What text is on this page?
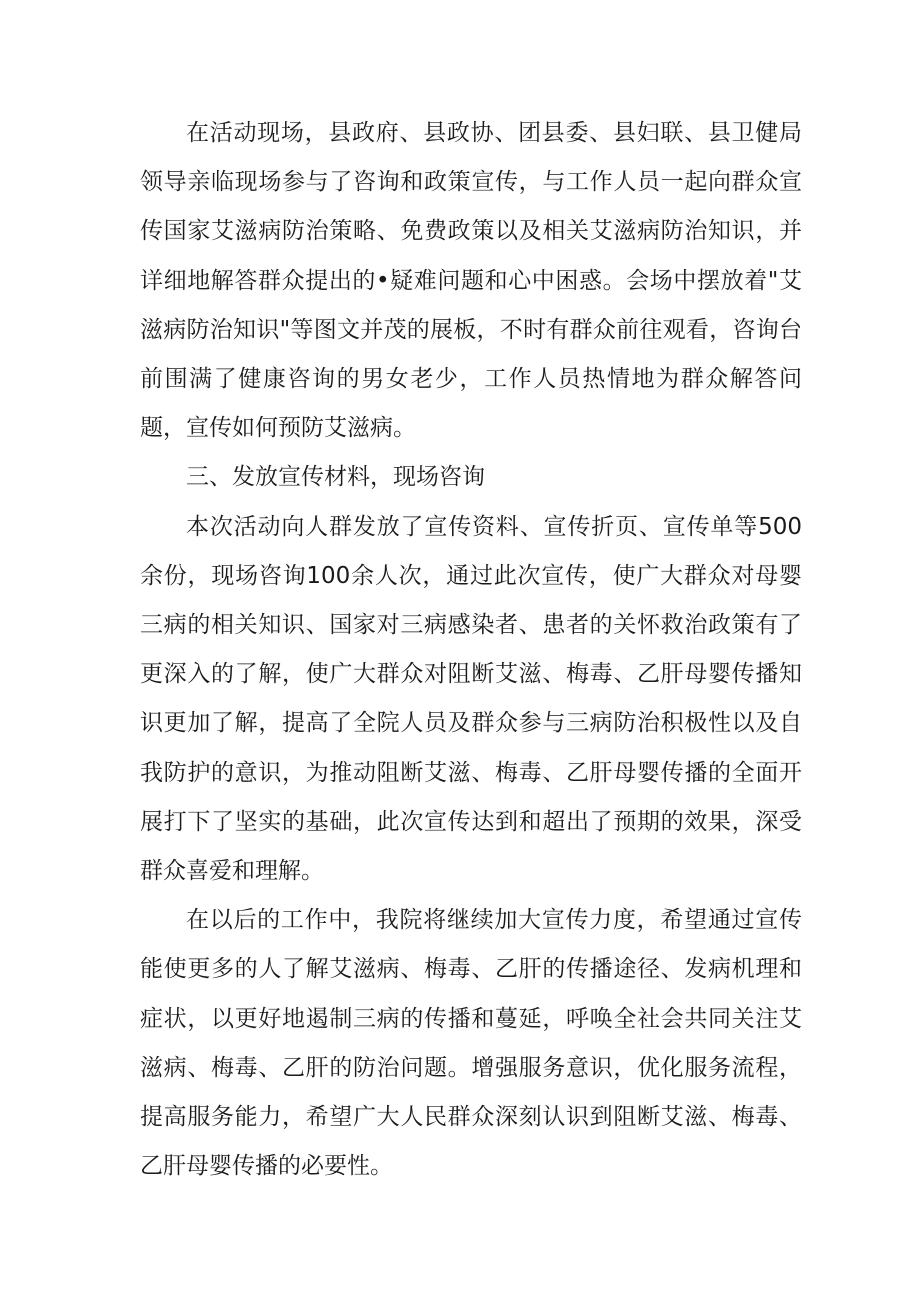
在活动现场，县政府、县政协、团县委、县妇联、县卫健局领导亲临现场参与了咨询和政策宣传，与工作人员一起向群众宣传国家艾滋病防治策略、免费政策以及相关艾滋病防治知识，并详细地解答群众提出的•疑难问题和心中困惑。会场中摆放着"艾滋病防治知识"等图文并茂的展板，不时有群众前往观看，咨询台前围满了健康咨询的男女老少，工作人员热情地为群众解答问题，宣传如何预防艾滋病。

三、发放宣传材料，现场咨询

本次活动向人群发放了宣传资料、宣传折页、宣传单等500余份，现场咨询100余人次，通过此次宣传，使广大群众对母婴三病的相关知识、国家对三病感染者、患者的关怀救治政策有了更深入的了解，使广大群众对阻断艾滋、梅毒、乙肝母婴传播知识更加了解，提高了全院人员及群众参与三病防治积极性以及自我防护的意识，为推动阻断艾滋、梅毒、乙肝母婴传播的全面开展打下了坚实的基础，此次宣传达到和超出了预期的效果，深受群众喜爱和理解。

在以后的工作中，我院将继续加大宣传力度，希望通过宣传能使更多的人了解艾滋病、梅毒、乙肝的传播途径、发病机理和症状，以更好地遏制三病的传播和蔓延，呼唤全社会共同关注艾滋病、梅毒、乙肝的防治问题。增强服务意识，优化服务流程，提高服务能力，希望广大人民群众深刻认识到阻断艾滋、梅毒、乙肝母婴传播的必要性。
